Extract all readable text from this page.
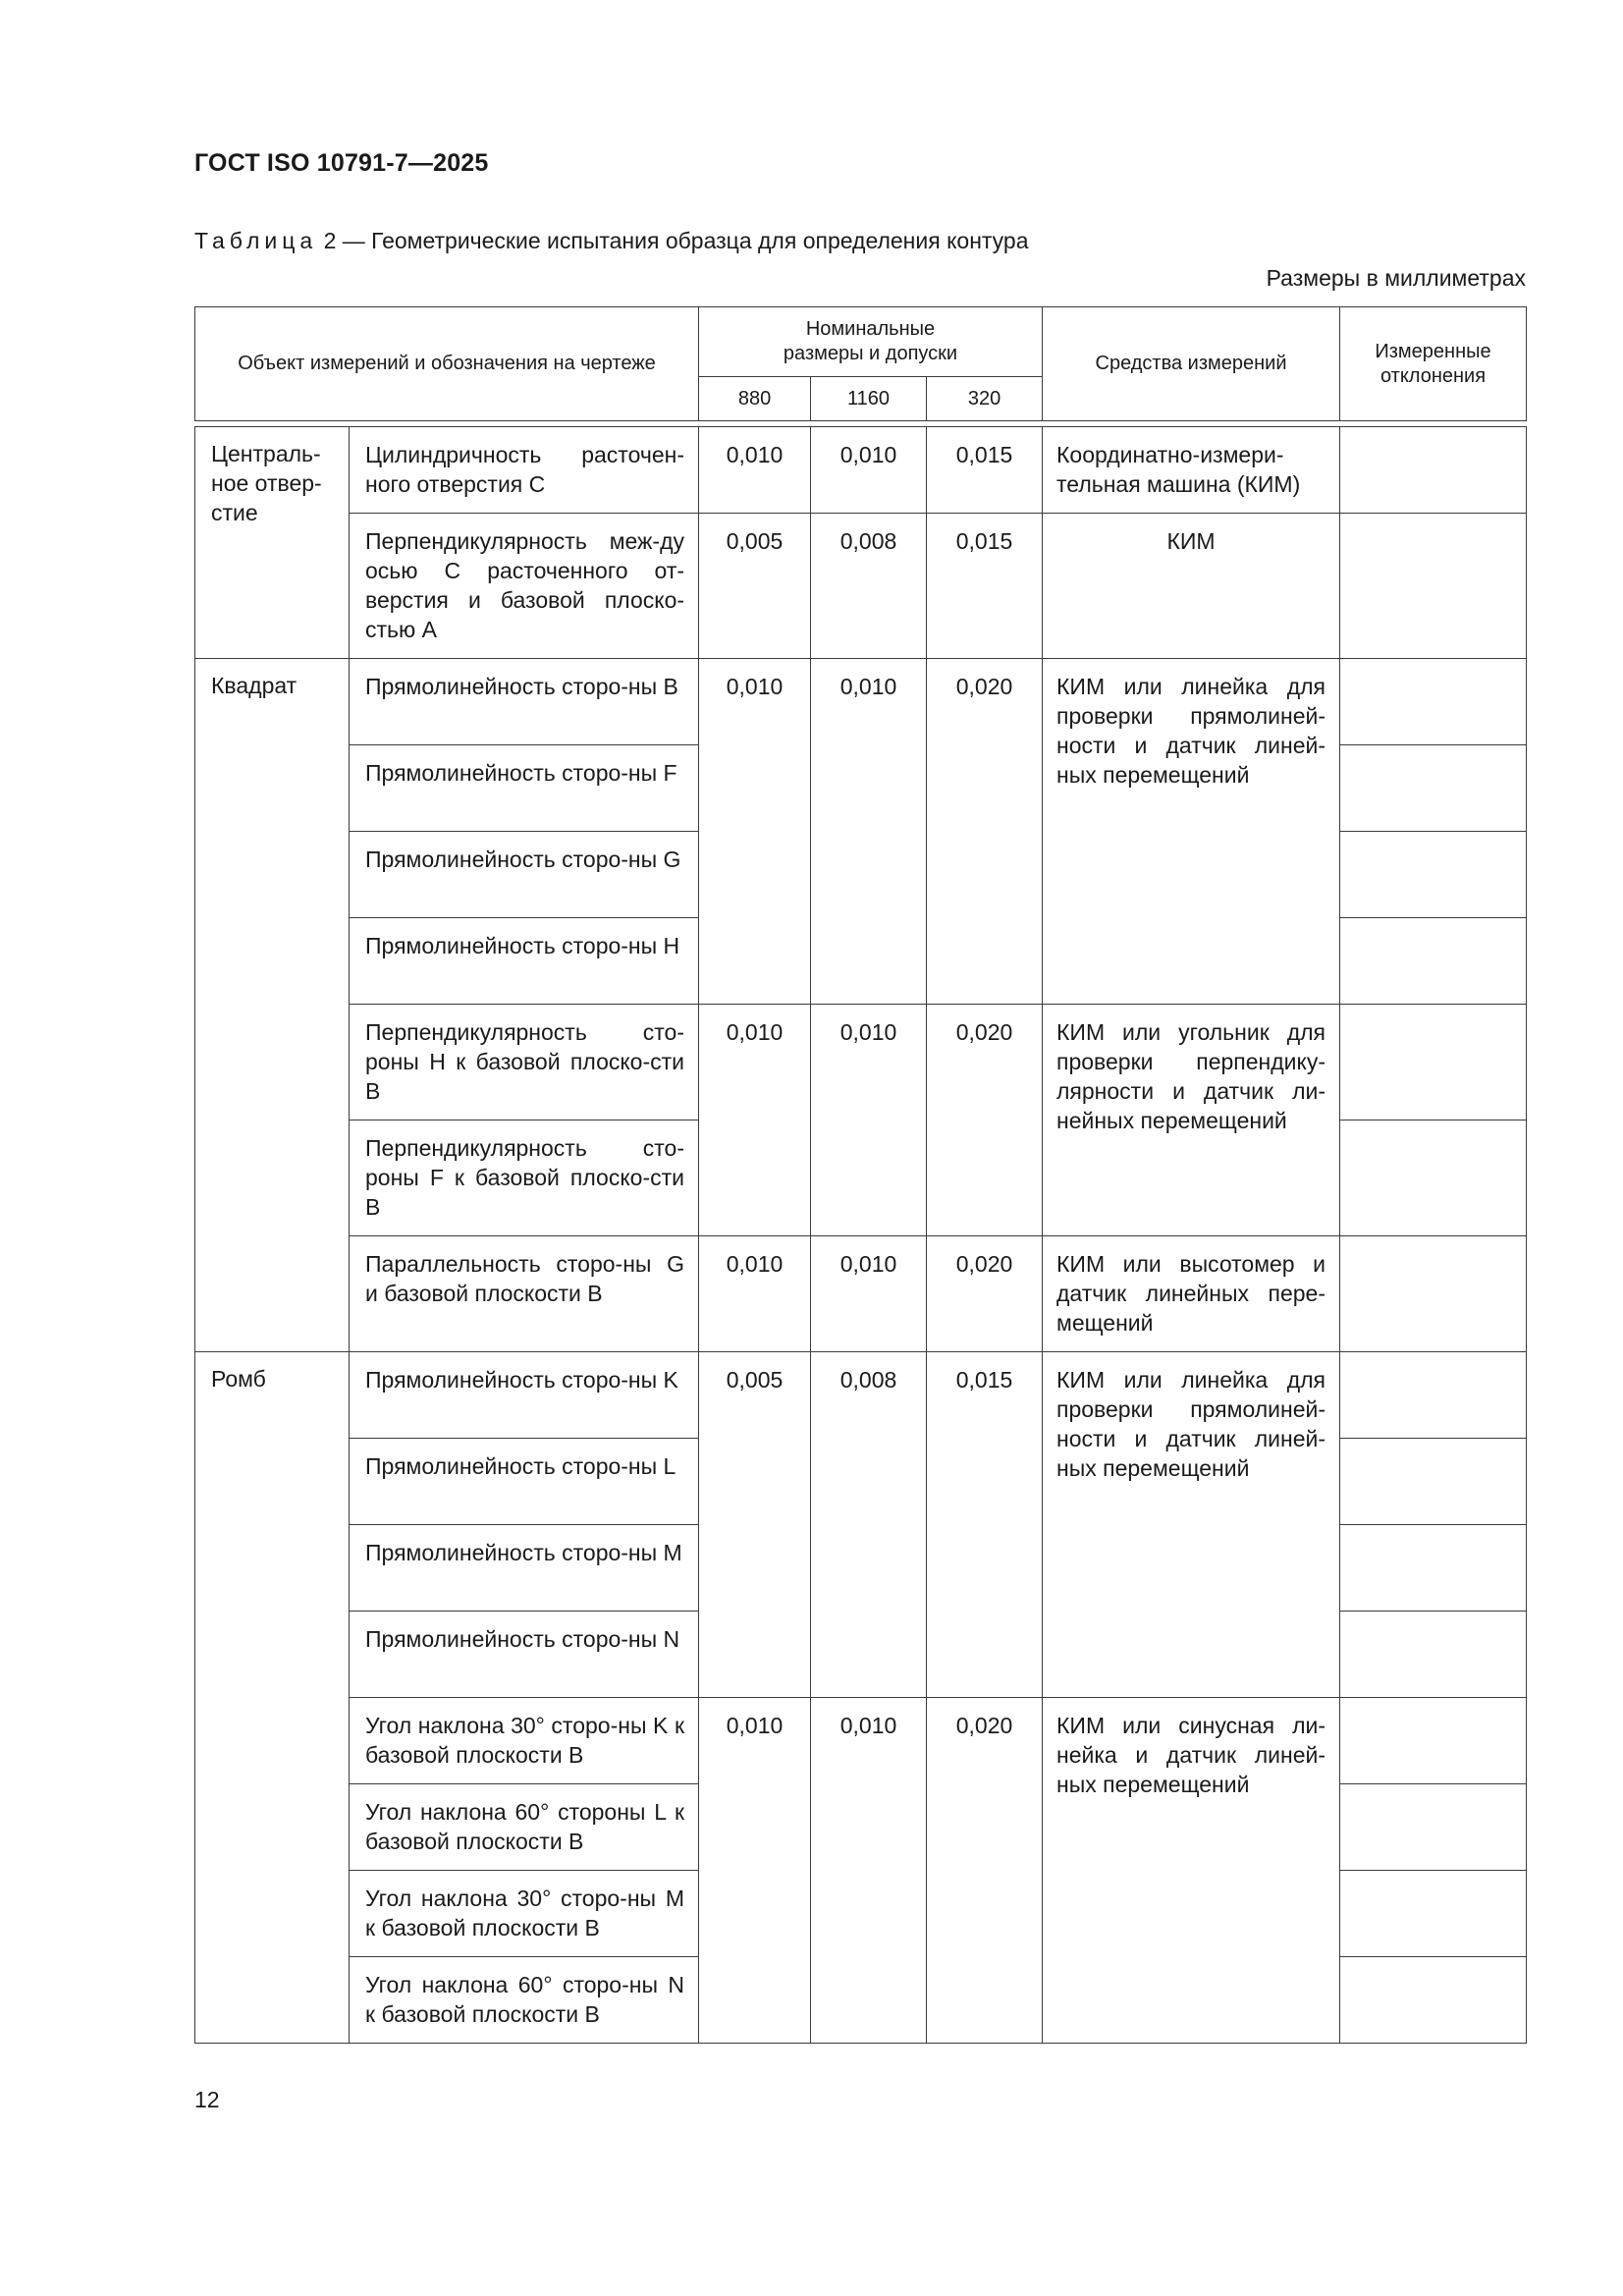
ГОСТ ISO 10791-7—2025
Таблица 2 — Геометрические испытания образца для определения контура
Размеры в миллиметрах
Объект измерений и обозначения на чертеже		Номинальные размеры и допуски			Средства измерений	Измеренные отклонения

		880	1160	320		

Централь-ное отвер-стие	Цилиндричность расточен-ного отверстия С	0,010	0,010	0,015	Координатно-измери-тельная машина (КИМ)	
	Перпендикулярность меж-ду осью С расточенного от-верстия и базовой плоско-стью А	0,005	0,008	0,015	КИМ	
Квадрат	Прямолинейность сторо-ны B	0,010	0,010	0,020	КИМ или линейка для проверки прямолиней-ности и датчик линей-ных перемещений	
	Прямолинейность сторо-ны F					
	Прямолинейность сторо-ны G					
	Прямолинейность сторо-ны H					
	Перпендикулярность сто-роны H к базовой плоско-сти B	0,010	0,010	0,020	КИМ или угольник для проверки перпендику-лярности и датчик ли-нейных перемещений	
	Перпендикулярность сто-роны F к базовой плоско-сти B					
	Параллельность сторо-ны G и базовой плоскости B	0,010	0,010	0,020	КИМ или высотомер и датчик линейных пере-мещений	
Ромб	Прямолинейность сторо-ны K	0,005	0,008	0,015	КИМ или линейка для проверки прямолиней-ности и датчик линей-ных перемещений	
	Прямолинейность сторо-ны L					
	Прямолинейность сторо-ны M					
	Прямолинейность сторо-ны N					
	Угол наклона 30° сторо-ны K к базовой плоскости B	0,010	0,010	0,020	КИМ или синусная ли-нейка и датчик линей-ных перемещений	
	Угол наклона 60° стороны L к базовой плоскости B					
	Угол наклона 30° сторо-ны M к базовой плоскости B					
	Угол наклона 60° сторо-ны N к базовой плоскости B					
12
